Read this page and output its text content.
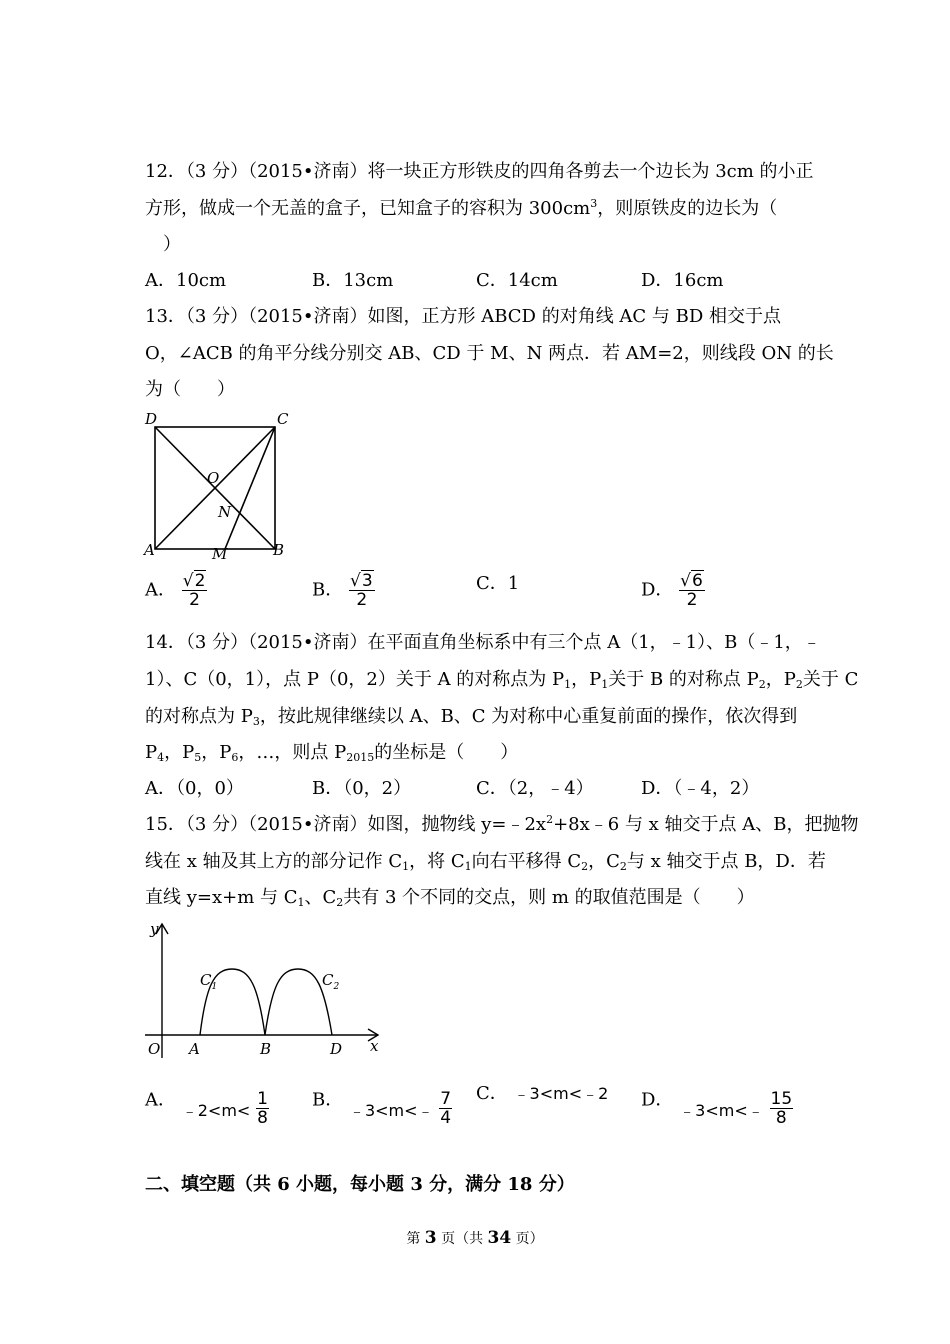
12．（3 分）（2015•济南）将一块正方形铁皮的四角各剪去一个边长为 3cm 的小正
方形，做成一个无盖的盒子，已知盒子的容积为 $300cm^3$，则原铁皮的边长为（
）
A．10cm	B．13cm	C．14cm	D．16cm
13．（3 分）（2015•济南）如图，正方形 ABCD 的对角线 AC 与 BD 相交于点
O，∠ACB 的角平分线分别交 AB、CD 于 M、N 两点．若 AM=2，则线段 ON 的长
为（　　）
D	C
O
N
A	M	B
A． $\frac{√2}{2}$	B． $\frac{√3}{2}$	C．1	D． $\frac{√6}{2}$
14．（3 分）（2015•济南）在平面直角坐标系中有三个点 A（1，﹣1）、B（﹣1，﹣
1）、C（0，1），点 P（0，2）关于 A 的对称点为 $P_1$，$P_1$关于 B 的对称点 $P_2$，$P_2$关于 C
的对称点为 $P_3$，按此规律继续以 A、B、C 为对称中心重复前面的操作，依次得到
$P_4$，$P_5$，$P_6$，…，则点 $P_{2015}$的坐标是（　　）
A．（0，0）	B．（0，2）	C．（2，﹣4）	D．（﹣4，2）
15．（3 分）（2015•济南）如图，抛物线 $y=﹣2x^2+8x﹣6$ 与 x 轴交于点 A、B，把抛物
线在 x 轴及其上方的部分记作 $C_1$，将 $C_1$向右平移得 $C_2$，$C_2$与 x 轴交于点 B，D．若
直线 y=x+m 与 $C_1$、$C_2$共有 3 个不同的交点，则 m 的取值范围是（　　）
y
x
O A	B	D
$C_1$	$C_2$
A． ﹣2<m< $\frac{1}{8}$ B． ﹣3<m<﹣ $\frac{7}{4}$ C． ﹣3<m<﹣2 D． ﹣3<m<﹣ $\frac{15}{8}$
二、填空题（共 6 小题，每小题 3 分，满分 18 分）
第 3 页（共 34 页）
